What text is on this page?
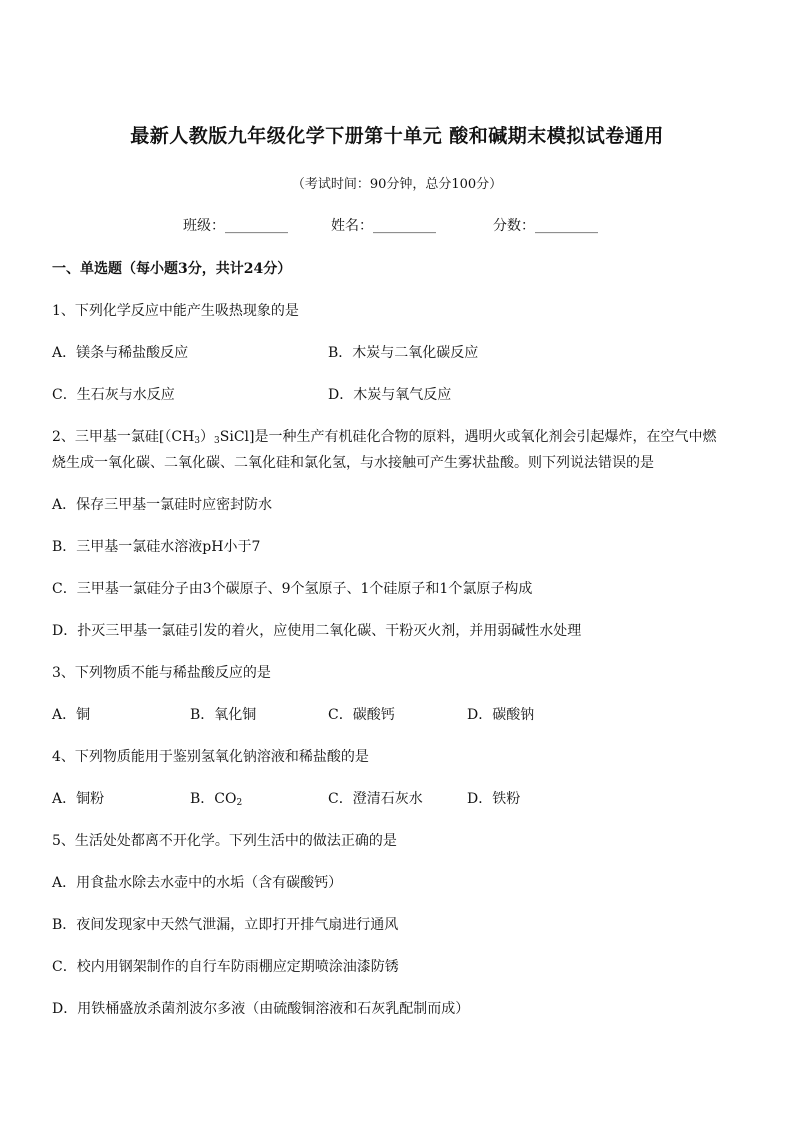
最新人教版九年级化学下册第十单元 酸和碱期末模拟试卷通用
（考试时间：90分钟，总分100分）
班级：_________	姓名：_________	分数：_________
一、单选题（每小题3分，共计24分）
1、下列化学反应中能产生吸热现象的是
A．镁条与稀盐酸反应	B．木炭与二氧化碳反应
C．生石灰与水反应	D．木炭与氧气反应
2、三甲基一氯硅$[(CH_3)_3SiCl]$是一种生产有机硅化合物的原料，遇明火或氧化剂会引起爆炸，在空气中燃
烧生成一氧化碳、二氧化碳、二氧化硅和氯化氢，与水接触可产生雾状盐酸。则下列说法错误的是
A．保存三甲基一氯硅时应密封防水
B．三甲基一氯硅水溶液pH小于7
C．三甲基一氯硅分子由3个碳原子、9个氢原子、1个硅原子和1个氯原子构成
D．扑灭三甲基一氯硅引发的着火，应使用二氧化碳、干粉灭火剂，并用弱碱性水处理
3、下列物质不能与稀盐酸反应的是
A．铜	B．氧化铜	C．碳酸钙	D．碳酸钠
4、下列物质能用于鉴别氢氧化钠溶液和稀盐酸的是
A．铜粉	B．$CO_2$	C．澄清石灰水	D．铁粉
5、生活处处都离不开化学。下列生活中的做法正确的是
A．用食盐水除去水壶中的水垢（含有碳酸钙）
B．夜间发现家中天然气泄漏，立即打开排气扇进行通风
C．校内用钢架制作的自行车防雨棚应定期喷涂油漆防锈
D．用铁桶盛放杀菌剂波尔多液（由硫酸铜溶液和石灰乳配制而成）
